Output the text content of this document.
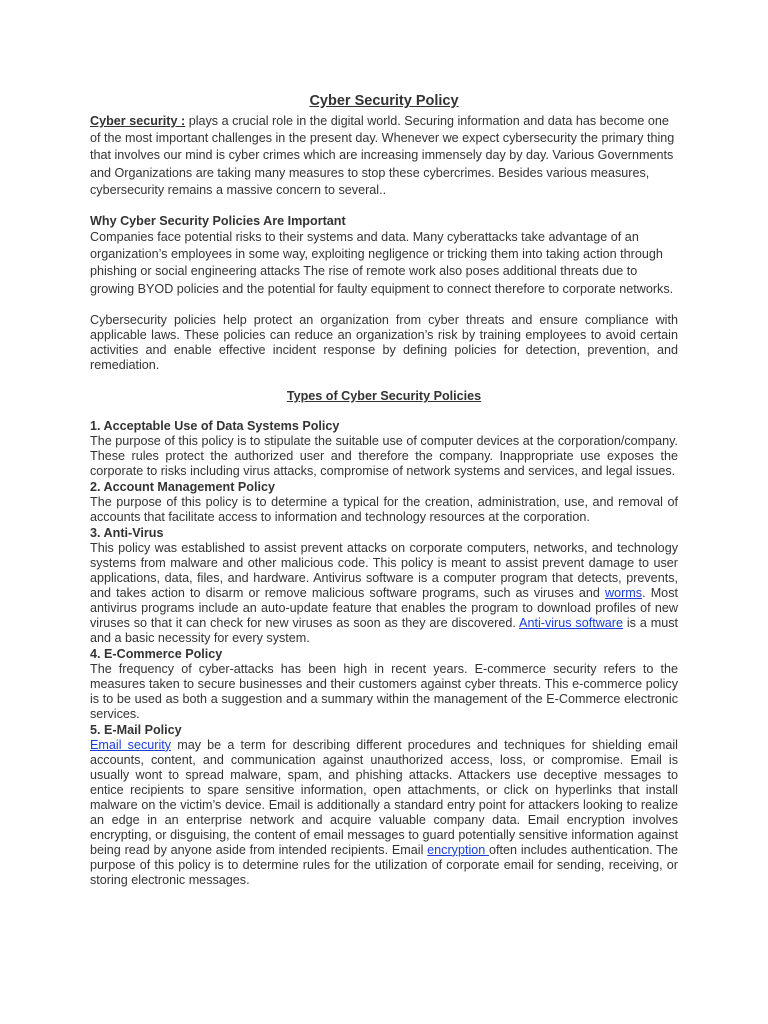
Cyber Security Policy

Cyber security : plays a crucial role in the digital world. Securing information and data has become one of the most important challenges in the present day. Whenever we expect cybersecurity the primary thing that involves our mind is cyber crimes which are increasing immensely day by day. Various Governments and Organizations are taking many measures to stop these cybercrimes. Besides various measures, cybersecurity remains a massive concern to several..

Why Cyber Security Policies Are Important

Companies face potential risks to their systems and data. Many cyberattacks take advantage of an organization’s employees in some way, exploiting negligence or tricking them into taking action through phishing or social engineering attacks The rise of remote work also poses additional threats due to growing BYOD policies and the potential for faulty equipment to connect therefore to corporate networks.

Cybersecurity policies help protect an organization from cyber threats and ensure compliance with applicable laws. These policies can reduce an organization’s risk by training employees to avoid certain activities and enable effective incident response by defining policies for detection, prevention, and remediation.

Types of Cyber Security Policies
1. Acceptable Use of Data Systems Policy

The purpose of this policy is to stipulate the suitable use of computer devices at the corporation/company. These rules protect the authorized user and therefore the company. Inappropriate use exposes the corporate to risks including virus attacks, compromise of network systems and services, and legal issues.

2. Account Management Policy

The purpose of this policy is to determine a typical for the creation, administration, use, and removal of accounts that facilitate access to information and technology resources at the corporation.

3. Anti-Virus

This policy was established to assist prevent attacks on corporate computers, networks, and technology systems from malware and other malicious code. This policy is meant to assist prevent damage to user applications, data, files, and hardware. Antivirus software is a computer program that detects, prevents, and takes action to disarm or remove malicious software programs, such as viruses and worms. Most antivirus programs include an auto-update feature that enables the program to download profiles of new viruses so that it can check for new viruses as soon as they are discovered. Anti-virus software is a must and a basic necessity for every system.

4. E-Commerce Policy

The frequency of cyber-attacks has been high in recent years. E-commerce security refers to the measures taken to secure businesses and their customers against cyber threats. This e-commerce policy is to be used as both a suggestion and a summary within the management of the E-Commerce electronic services.

5. E-Mail Policy

Email security may be a term for describing different procedures and techniques for shielding email accounts, content, and communication against unauthorized access, loss, or compromise. Email is usually wont to spread malware, spam, and phishing attacks. Attackers use deceptive messages to entice recipients to spare sensitive information, open attachments, or click on hyperlinks that install malware on the victim’s device. Email is additionally a standard entry point for attackers looking to realize an edge in an enterprise network and acquire valuable company data. Email encryption involves encrypting, or disguising, the content of email messages to guard potentially sensitive information against being read by anyone aside from intended recipients. Email encryption often includes authentication. The purpose of this policy is to determine rules for the utilization of corporate email for sending, receiving, or storing electronic messages.
